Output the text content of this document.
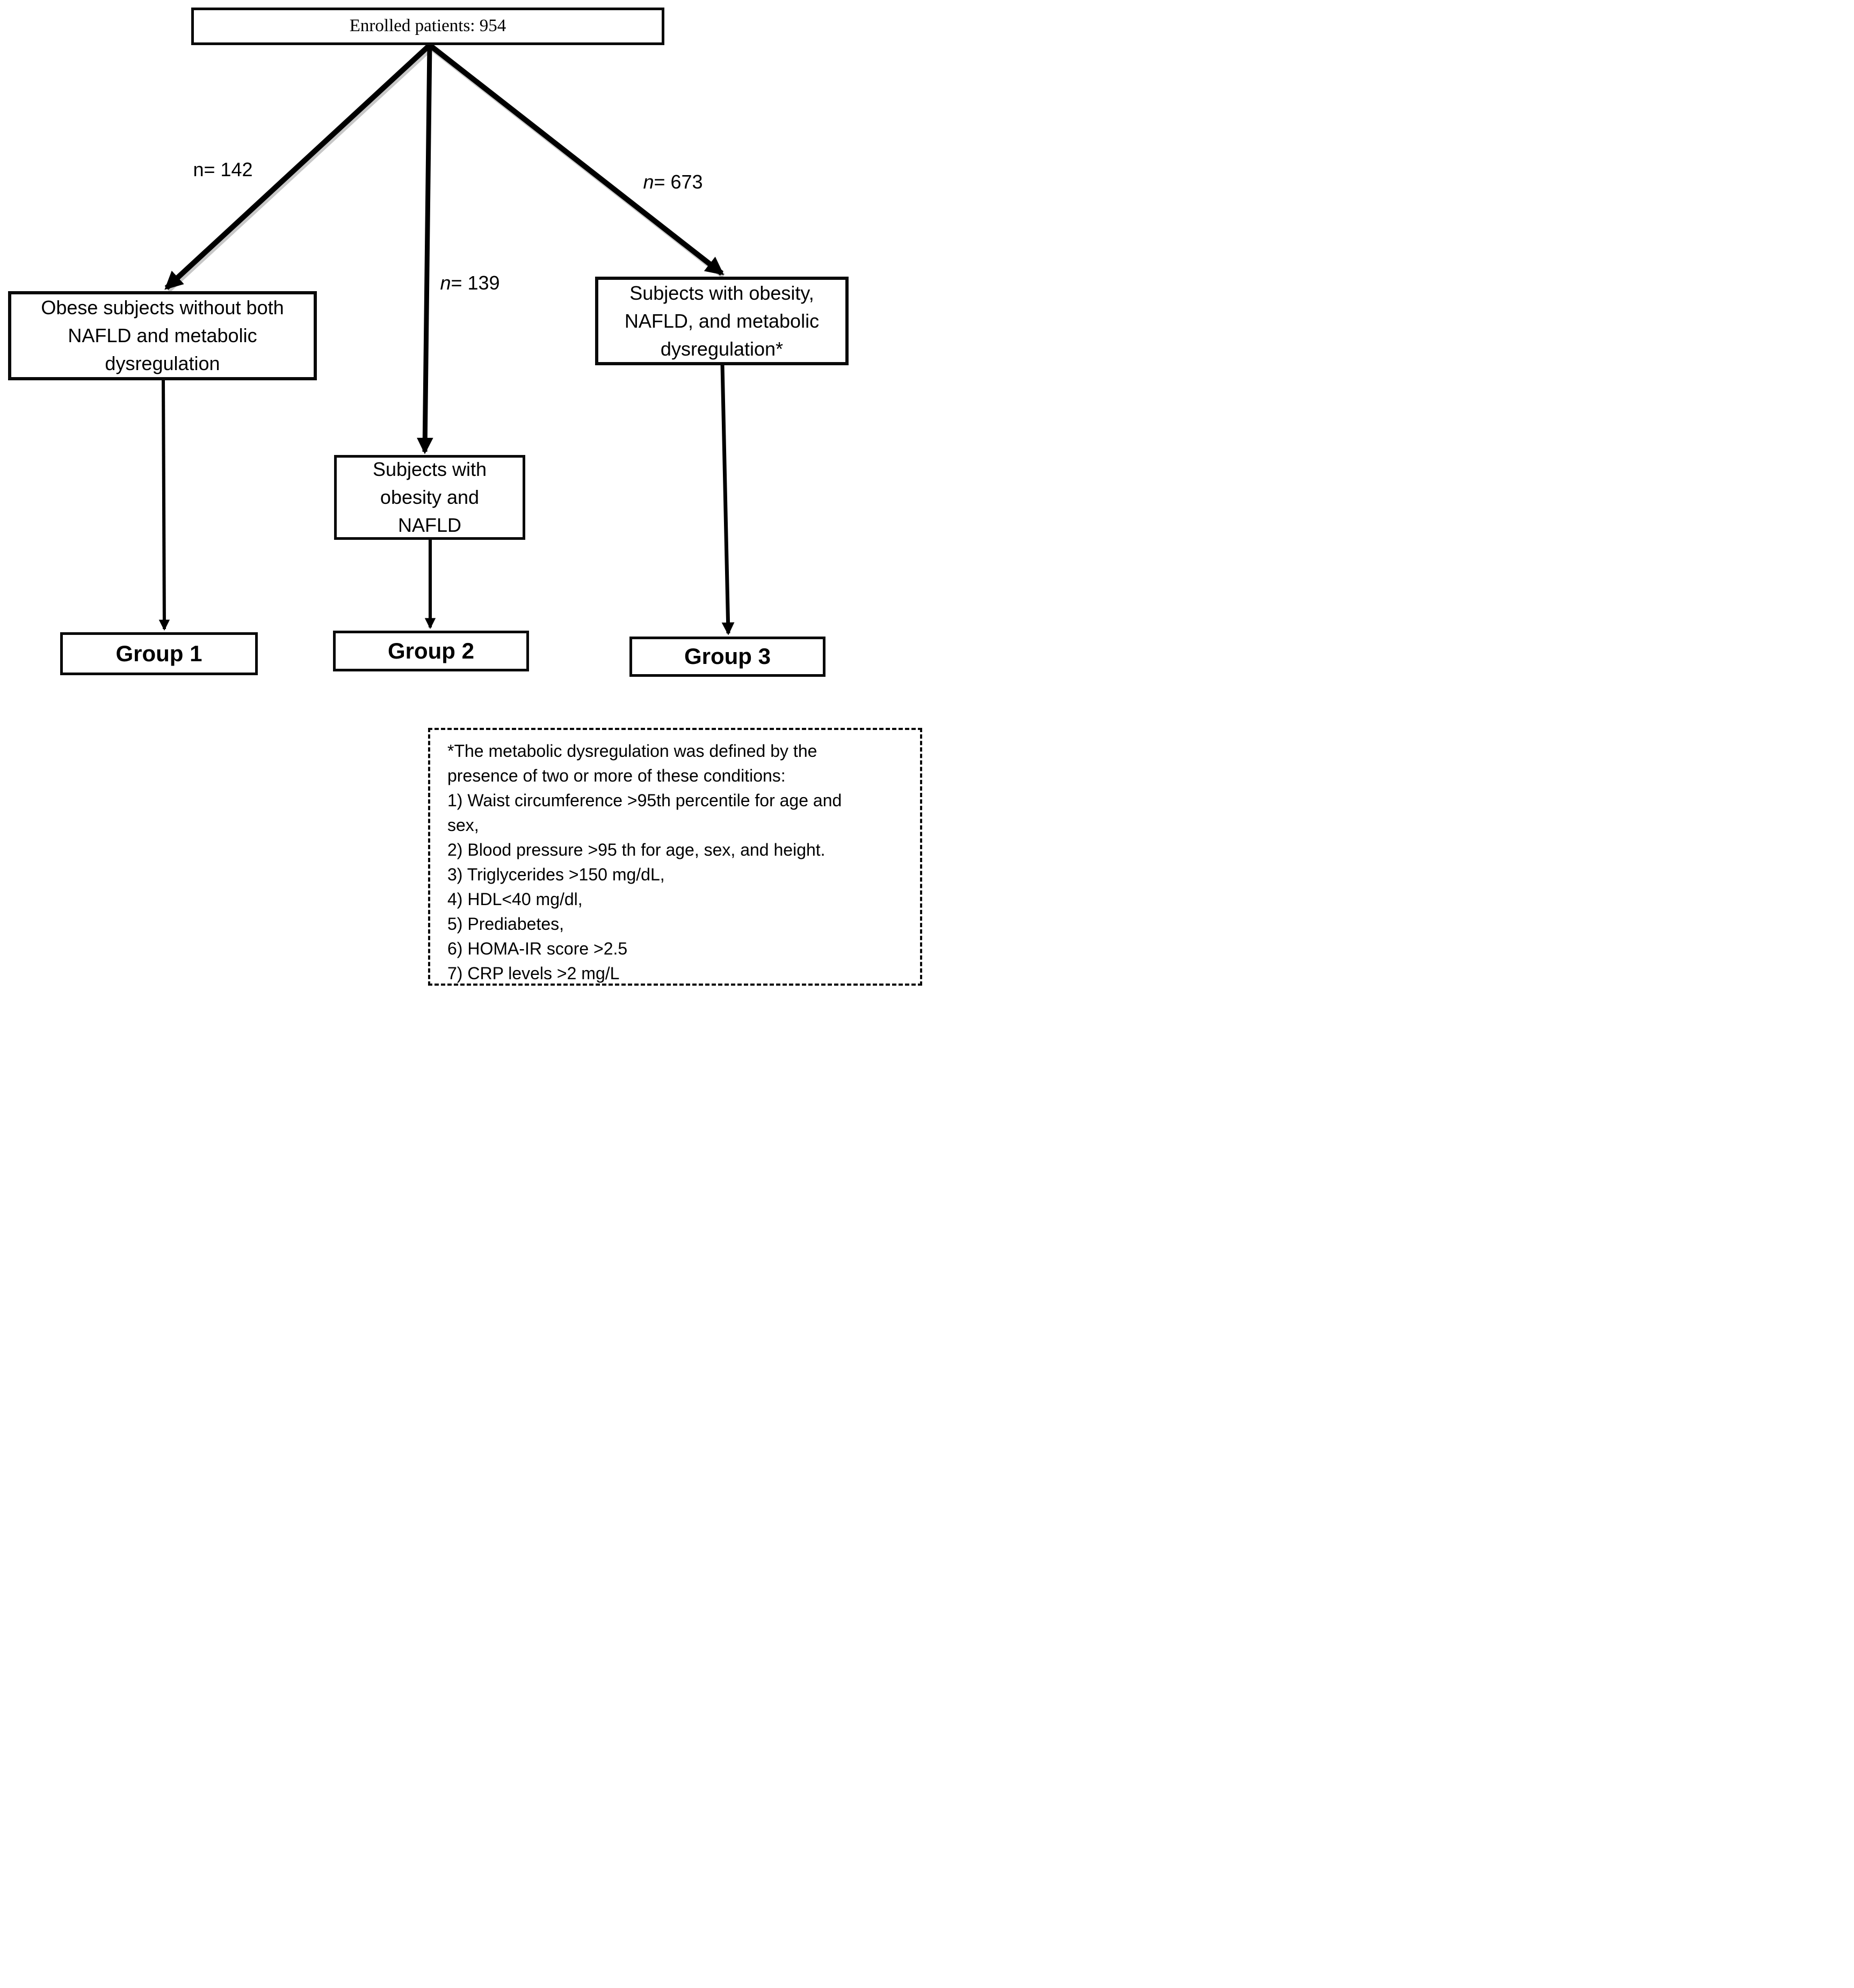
Enrolled patients: 954
n= 142
n= 139
n= 673
Obese subjects without both
NAFLD and metabolic
dysregulation
Subjects with
obesity and
NAFLD
Subjects with obesity,
NAFLD, and metabolic
dysregulation*
Group 1	Group 2	Group 3
*The metabolic dysregulation was defined by the
presence of two or more of these conditions:
1) Waist circumference >95th percentile for age and
sex,
2) Blood pressure >95 th for age, sex, and height.
3) Triglycerides >150 mg/dL,
4) HDL<40 mg/dl,
5) Prediabetes,
6) HOMA-IR score >2.5
7) CRP levels >2 mg/L
